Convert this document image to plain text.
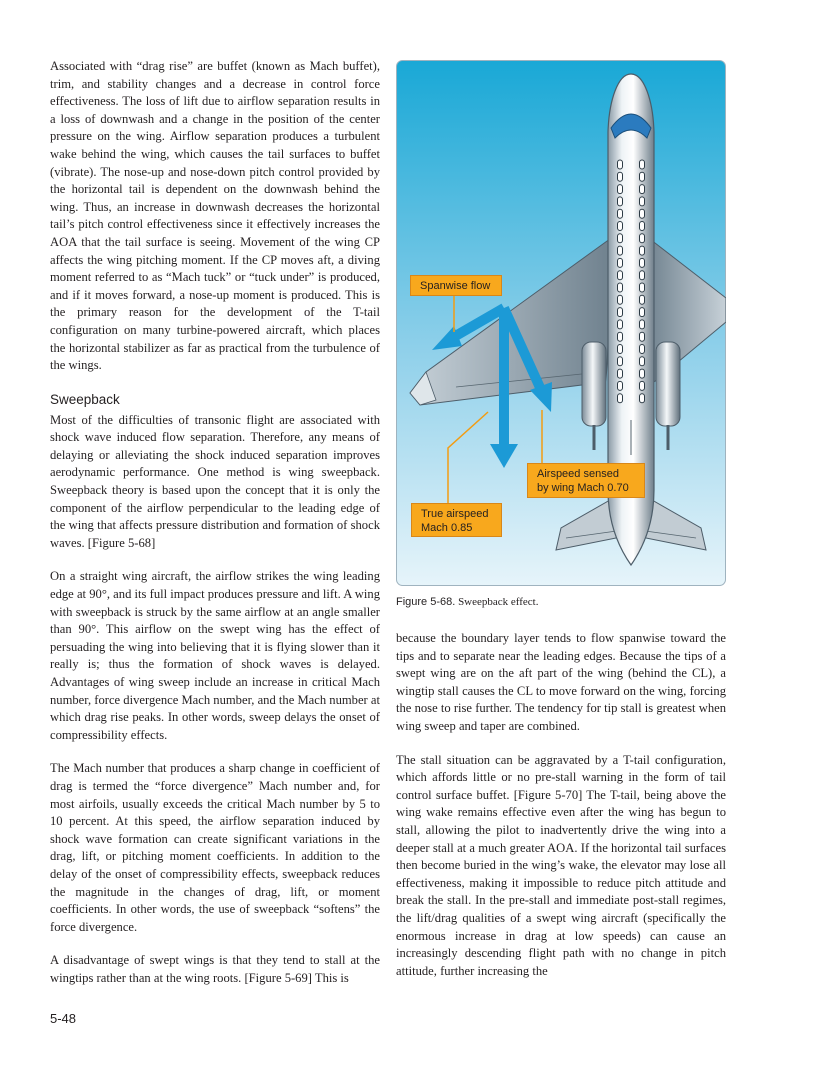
Associated with “drag rise” are buffet (known as Mach buffet), trim, and stability changes and a decrease in control force effectiveness. The loss of lift due to airflow separation results in a loss of downwash and a change in the position of the center pressure on the wing. Airflow separation produces a turbulent wake behind the wing, which causes the tail surfaces to buffet (vibrate). The nose-up and nose-down pitch control provided by the horizontal tail is dependent on the downwash behind the wing. Thus, an increase in downwash decreases the horizontal tail’s pitch control effectiveness since it effectively increases the AOA that the tail surface is seeing. Movement of the wing CP affects the wing pitching moment. If the CP moves aft, a diving moment referred to as “Mach tuck” or “tuck under” is produced, and if it moves forward, a nose-up moment is produced. This is the primary reason for the development of the T-tail configuration on many turbine-powered aircraft, which places the horizontal stabilizer as far as practical from the turbulence of the wings.

Sweepback

Most of the difficulties of transonic flight are associated with shock wave induced flow separation. Therefore, any means of delaying or alleviating the shock induced separation improves aerodynamic performance. One method is wing sweepback. Sweepback theory is based upon the concept that it is only the component of the airflow perpendicular to the leading edge of the wing that affects pressure distribution and formation of shock waves. [Figure 5-68]

On a straight wing aircraft, the airflow strikes the wing leading edge at 90°, and its full impact produces pressure and lift. A wing with sweepback is struck by the same airflow at an angle smaller than 90°. This airflow on the swept wing has the effect of persuading the wing into believing that it is flying slower than it really is; thus the formation of shock waves is delayed. Advantages of wing sweep include an increase in critical Mach number, force divergence Mach number, and the Mach number at which drag rise peaks. In other words, sweep delays the onset of compressibility effects.

The Mach number that produces a sharp change in coefficient of drag is termed the “force divergence” Mach number and, for most airfoils, usually exceeds the critical Mach number by 5 to 10 percent. At this speed, the airflow separation induced by shock wave formation can create significant variations in the drag, lift, or pitching moment coefficients. In addition to the delay of the onset of compressibility effects, sweepback reduces the magnitude in the changes of drag, lift, or moment coefficients. In other words, the use of sweepback “softens” the force divergence.

A disadvantage of swept wings is that they tend to stall at the wingtips rather than at the wing roots. [Figure 5-69] This is

Spanwise flow
Airspeed sensed
by wing Mach 0.70
True airspeed
Mach 0.85
Figure 5-68. Sweepback effect.

because the boundary layer tends to flow spanwise toward the tips and to separate near the leading edges. Because the tips of a swept wing are on the aft part of the wing (behind the CL), a wingtip stall causes the CL to move forward on the wing, forcing the nose to rise further. The tendency for tip stall is greatest when wing sweep and taper are combined.

The stall situation can be aggravated by a T-tail configuration, which affords little or no pre-stall warning in the form of tail control surface buffet. [Figure 5-70] The T-tail, being above the wing wake remains effective even after the wing has begun to stall, allowing the pilot to inadvertently drive the wing into a deeper stall at a much greater AOA. If the horizontal tail surfaces then become buried in the wing’s wake, the elevator may lose all effectiveness, making it impossible to reduce pitch attitude and break the stall. In the pre-stall and immediate post-stall regimes, the lift/drag qualities of a swept wing aircraft (specifically the enormous increase in drag at low speeds) can cause an increasingly descending flight path with no change in pitch attitude, further increasing the

5-48
